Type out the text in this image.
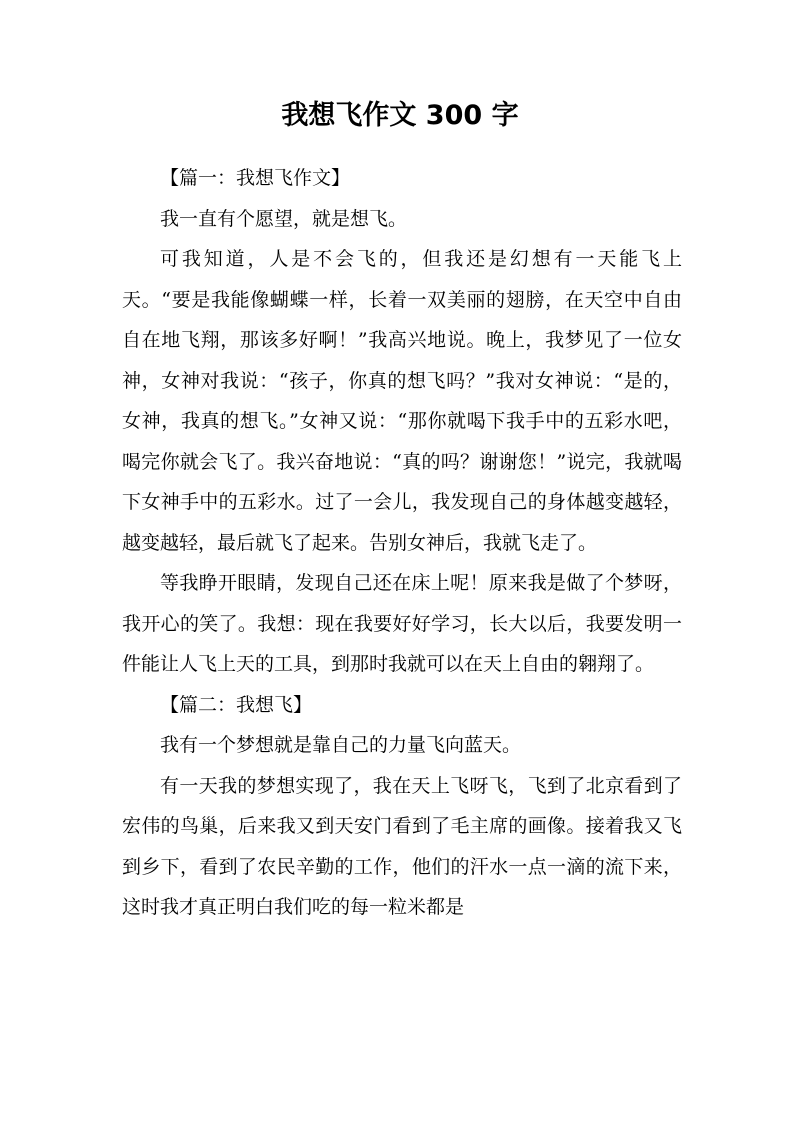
我想飞作文 300 字

【篇一：我想飞作文】

我一直有个愿望，就是想飞。

可我知道，人是不会飞的，但我还是幻想有一天能飞上天。“要是我能像蝴蝶一样，长着一双美丽的翅膀，在天空中自由自在地飞翔，那该多好啊！”我高兴地说。晚上，我梦见了一位女神，女神对我说：“孩子，你真的想飞吗？”我对女神说：“是的，女神，我真的想飞。”女神又说：“那你就喝下我手中的五彩水吧，喝完你就会飞了。我兴奋地说：“真的吗？谢谢您！”说完，我就喝下女神手中的五彩水。过了一会儿，我发现自己的身体越变越轻，越变越轻，最后就飞了起来。告别女神后，我就飞走了。

等我睁开眼睛，发现自己还在床上呢！原来我是做了个梦呀，我开心的笑了。我想：现在我要好好学习，长大以后，我要发明一件能让人飞上天的工具，到那时我就可以在天上自由的翱翔了。

【篇二：我想飞】

我有一个梦想就是靠自己的力量飞向蓝天。

有一天我的梦想实现了，我在天上飞呀飞，飞到了北京看到了宏伟的鸟巢，后来我又到天安门看到了毛主席的画像。接着我又飞到乡下，看到了农民辛勤的工作，他们的汗水一点一滴的流下来，这时我才真正明白我们吃的每一粒米都是
